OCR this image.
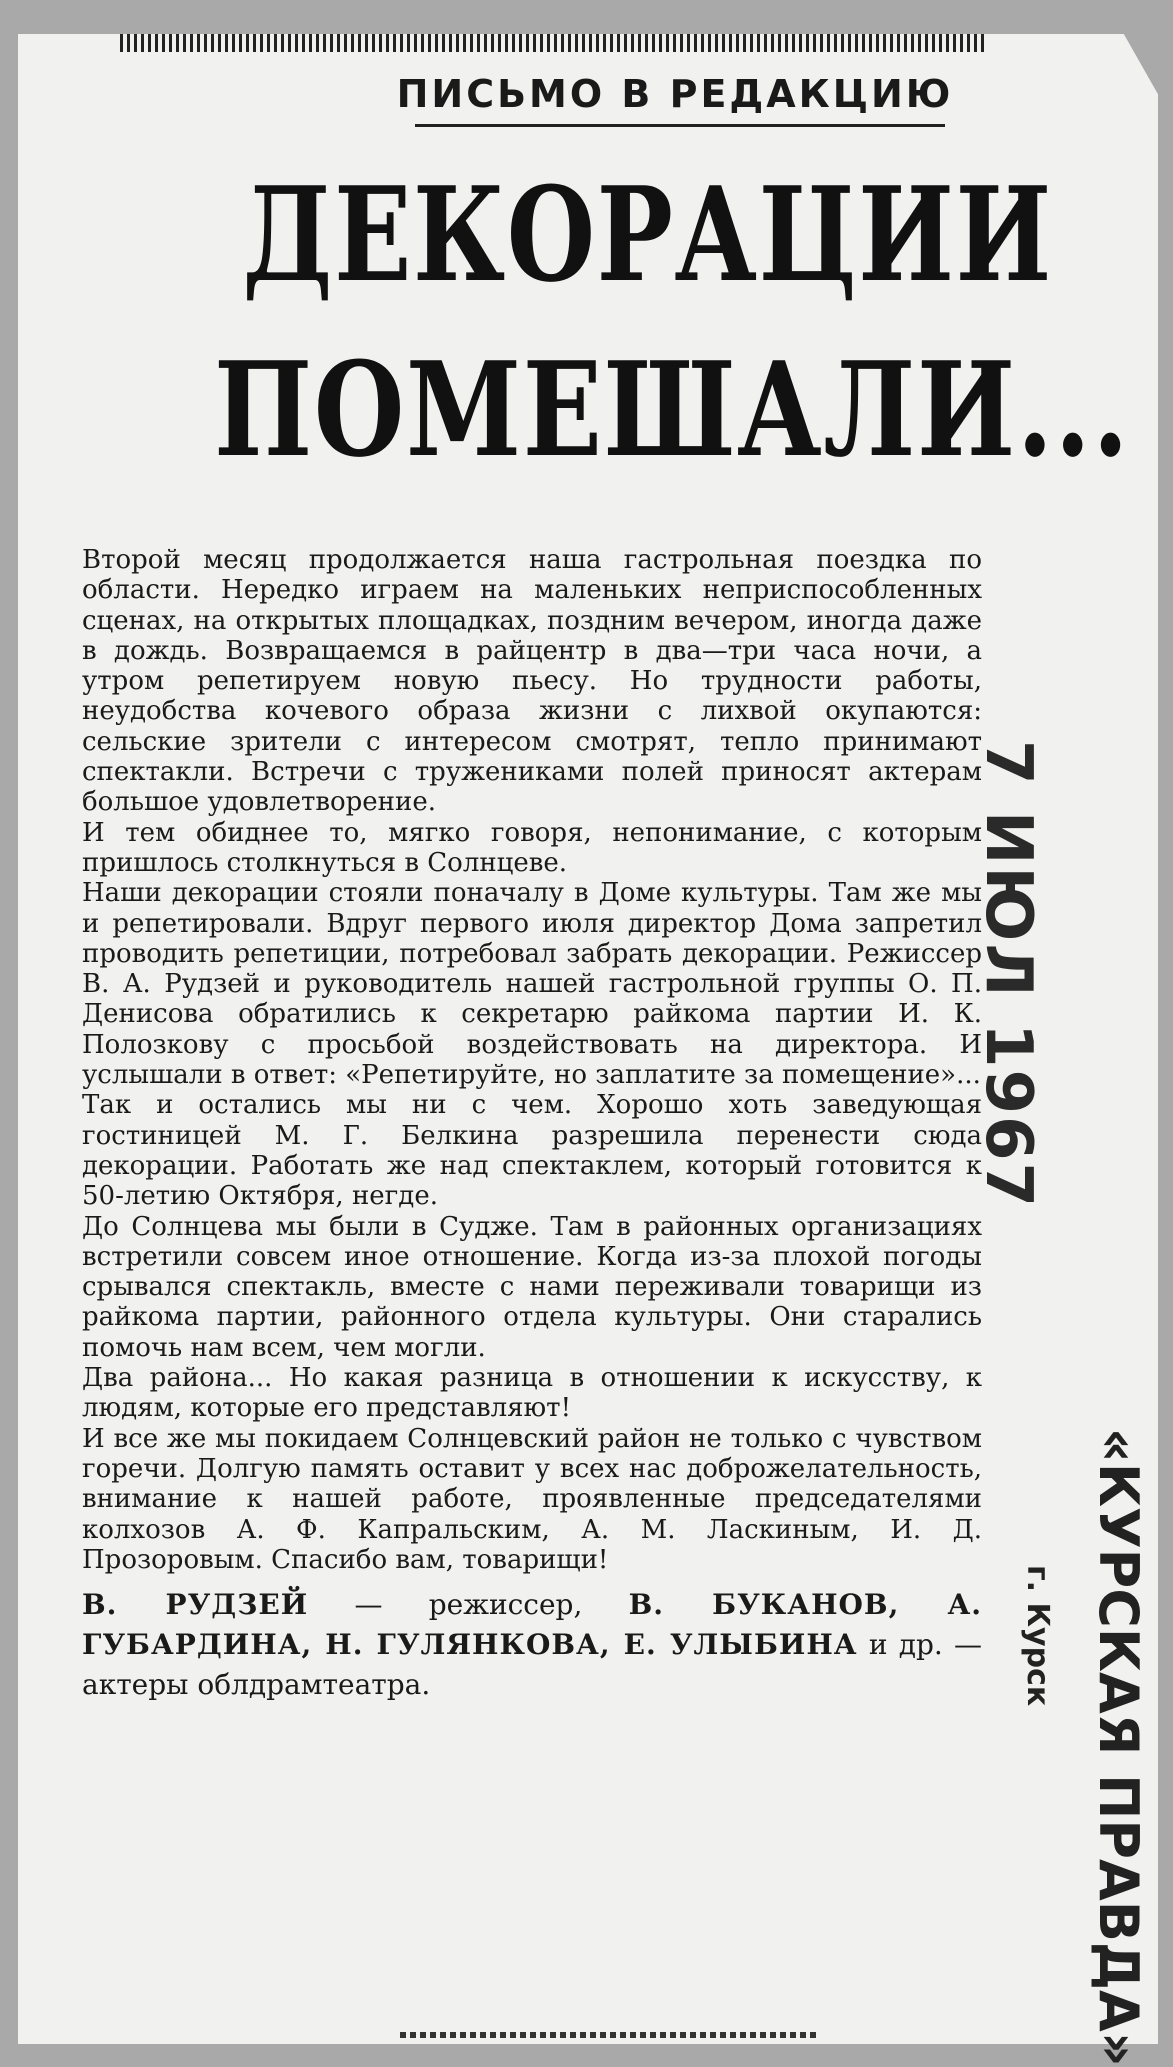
ПИСЬМО В РЕДАКЦИЮ
ДЕКОРАЦИИ
ПОМЕШАЛИ...

Второй месяц продолжается наша гастрольная поездка по области. Нередко играем на маленьких неприспособленных сценах, на открытых площадках, поздним вечером, иногда даже в дождь. Возвращаемся в райцентр в два—три часа ночи, а утром репетируем новую пьесу. Но трудности работы, неудобства кочевого образа жизни с лихвой окупаются: сельские зрители с интересом смотрят, тепло принимают спектакли. Встречи с тружениками полей приносят актерам большое удовлетворение.

И тем обиднее то, мягко говоря, непонимание, с которым пришлось столкнуться в Солнцеве.

Наши декорации стояли поначалу в Доме культуры. Там же мы и репетировали. Вдруг первого июля директор Дома запретил проводить репетиции, потребовал забрать декорации. Режиссер В. А. Рудзей и руководитель нашей гастрольной группы О. П. Денисова обратились к секретарю райкома партии И. К. Полозкову с просьбой воздействовать на директора. И услышали в ответ: «Репетируйте, но заплатите за помещение»...

Так и остались мы ни с чем. Хорошо хоть заведующая гостиницей М. Г. Белкина разрешила перенести сюда декорации. Работать же над спектаклем, который готовится к 50-летию Октября, негде.

До Солнцева мы были в Судже. Там в районных организациях встретили совсем иное отношение. Когда из-за плохой погоды срывался спектакль, вместе с нами переживали товарищи из райкома партии, районного отдела культуры. Они старались помочь нам всем, чем могли.

Два района... Но какая разница в отношении к искусству, к людям, которые его представляют!

И все же мы покидаем Солнцевский район не только с чувством горечи. Долгую память оставит у всех нас доброжелательность, внимание к нашей работе, проявленные председателями колхозов А. Ф. Капральским, А. М. Ласкиным, И. Д. Прозоровым. Спасибо вам, товарищи!

В. РУДЗЕЙ — режиссер, В. БУКАНОВ, А. ГУБАРДИНА, Н. ГУЛЯНКОВА, Е. УЛЫБИНА и др. — актеры облдрамтеатра.
7 ИЮЛ 1967
«КУРСКАЯ ПРАВДА»
г. Курск
